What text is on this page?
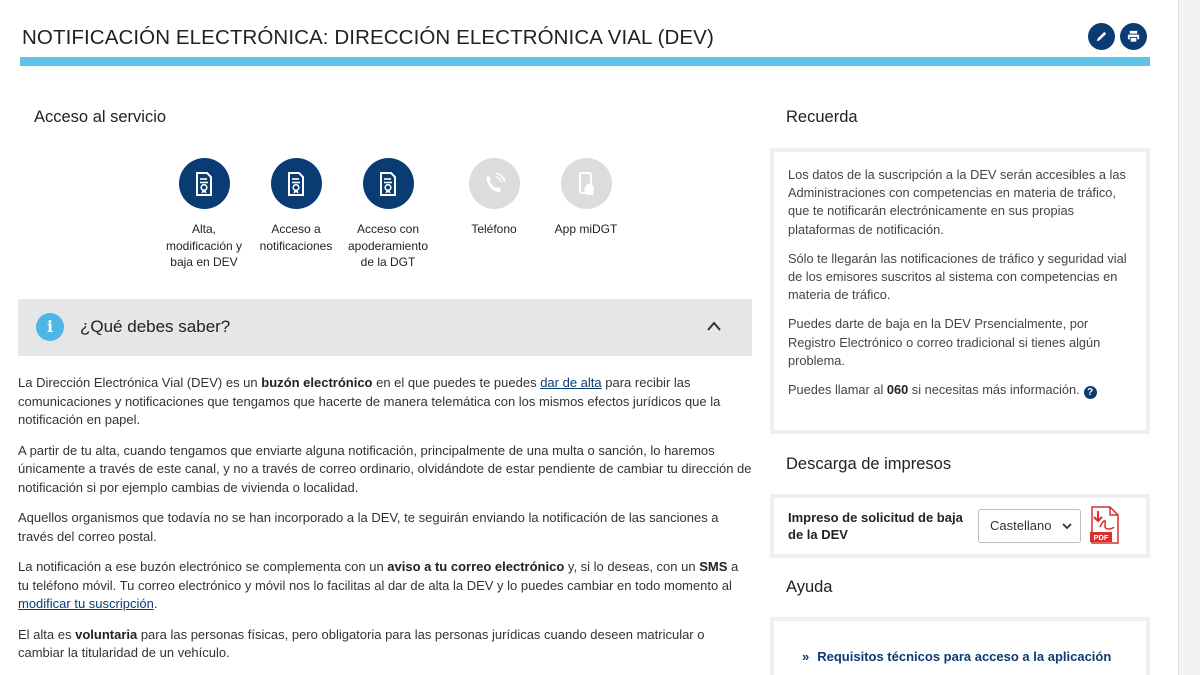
NOTIFICACIÓN ELECTRÓNICA: DIRECCIÓN ELECTRÓNICA VIAL (DEV)
Acceso al servicio
Alta, modificación y baja en DEV
Acceso a notificaciones
Acceso con apoderamiento de la DGT
Teléfono	App miDGT
i	¿Qué debes saber?

La Dirección Electrónica Vial (DEV) es un buzón electrónico en el que puedes te puedes dar de alta para recibir las comunicaciones y notificaciones que tengamos que hacerte de manera telemática con los mismos efectos jurídicos que la notificación en papel.

A partir de tu alta, cuando tengamos que enviarte alguna notificación, principalmente de una multa o sanción, lo haremos únicamente a través de este canal, y no a través de correo ordinario, olvidándote de estar pendiente de cambiar tu dirección de notificación si por ejemplo cambias de vivienda o localidad.

Aquellos organismos que todavía no se han incorporado a la DEV, te seguirán enviando la notificación de las sanciones a través del correo postal.

La notificación a ese buzón electrónico se complementa con un aviso a tu correo electrónico y, si lo deseas, con un SMS a tu teléfono móvil. Tu correo electrónico y móvil nos lo facilitas al dar de alta la DEV y lo puedes cambiar en todo momento al modificar tu suscripción.

El alta es voluntaria para las personas físicas, pero obligatoria para las personas jurídicas cuando deseen matricular o cambiar la titularidad de un vehículo.

Recuerda

Los datos de la suscripción a la DEV serán accesibles a las Administraciones con competencias en materia de tráfico, que te notificarán electrónicamente en sus propias plataformas de notificación.

Sólo te llegarán las notificaciones de tráfico y seguridad vial de los emisores suscritos al sistema con competencias en materia de tráfico.

Puedes darte de baja en la DEV Prsencialmente, por Registro Electrónico o correo tradicional si tienes algún problema.

Puedes llamar al 060 si necesitas más información. ?

Descarga de impresos
Impreso de solicitud de baja de la DEV
Castellano
PDF
Ayuda
» Requisitos técnicos para acceso a la aplicación
